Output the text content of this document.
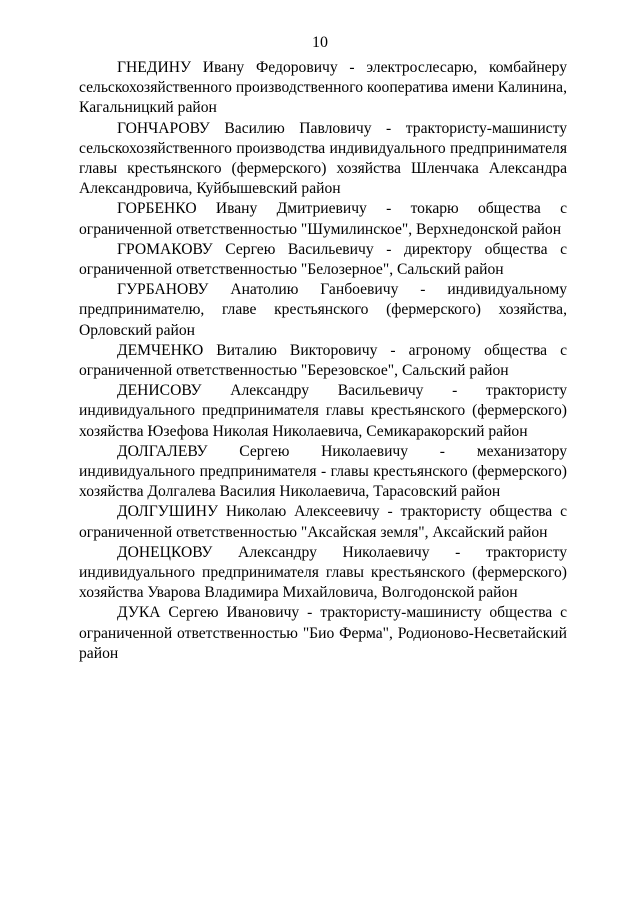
10

ГНЕДИНУ Ивану Федоровичу - электрослесарю, комбайнеру сельскохозяйственного производственного кооператива имени Калинина, Кагальницкий район

ГОНЧАРОВУ Василию Павловичу - трактористу-машинисту сельскохозяйственного производства индивидуального предпринимателя главы крестьянского (фермерского) хозяйства Шленчака Александра Александровича, Куйбышевский район

ГОРБЕНКО Ивану Дмитриевичу - токарю общества с ограниченной ответственностью "Шумилинское", Верхнедонской район

ГРОМАКОВУ Сергею Васильевичу - директору общества с ограниченной ответственностью "Белозерное", Сальский район

ГУРБАНОВУ Анатолию Ганбоевичу - индивидуальному предпринимателю, главе крестьянского (фермерского) хозяйства, Орловский район

ДЕМЧЕНКО Виталию Викторовичу - агроному общества с ограниченной ответственностью "Березовское", Сальский район

ДЕНИСОВУ Александру Васильевичу - трактористу индивидуального предпринимателя главы крестьянского (фермерского) хозяйства Юзефова Николая Николаевича, Семикаракорский район

ДОЛГАЛЕВУ Сергею Николаевичу - механизатору индивидуального предпринимателя - главы крестьянского (фермерского) хозяйства Долгалева Василия Николаевича, Тарасовский район

ДОЛГУШИНУ Николаю Алексеевичу - трактористу общества с ограниченной ответственностью "Аксайская земля", Аксайский район

ДОНЕЦКОВУ Александру Николаевичу - трактористу индивидуального предпринимателя главы крестьянского (фермерского) хозяйства Уварова Владимира Михайловича, Волгодонской район

ДУКА Сергею Ивановичу - трактористу-машинисту общества с ограниченной ответственностью "Био Ферма", Родионово-Несветайский район
